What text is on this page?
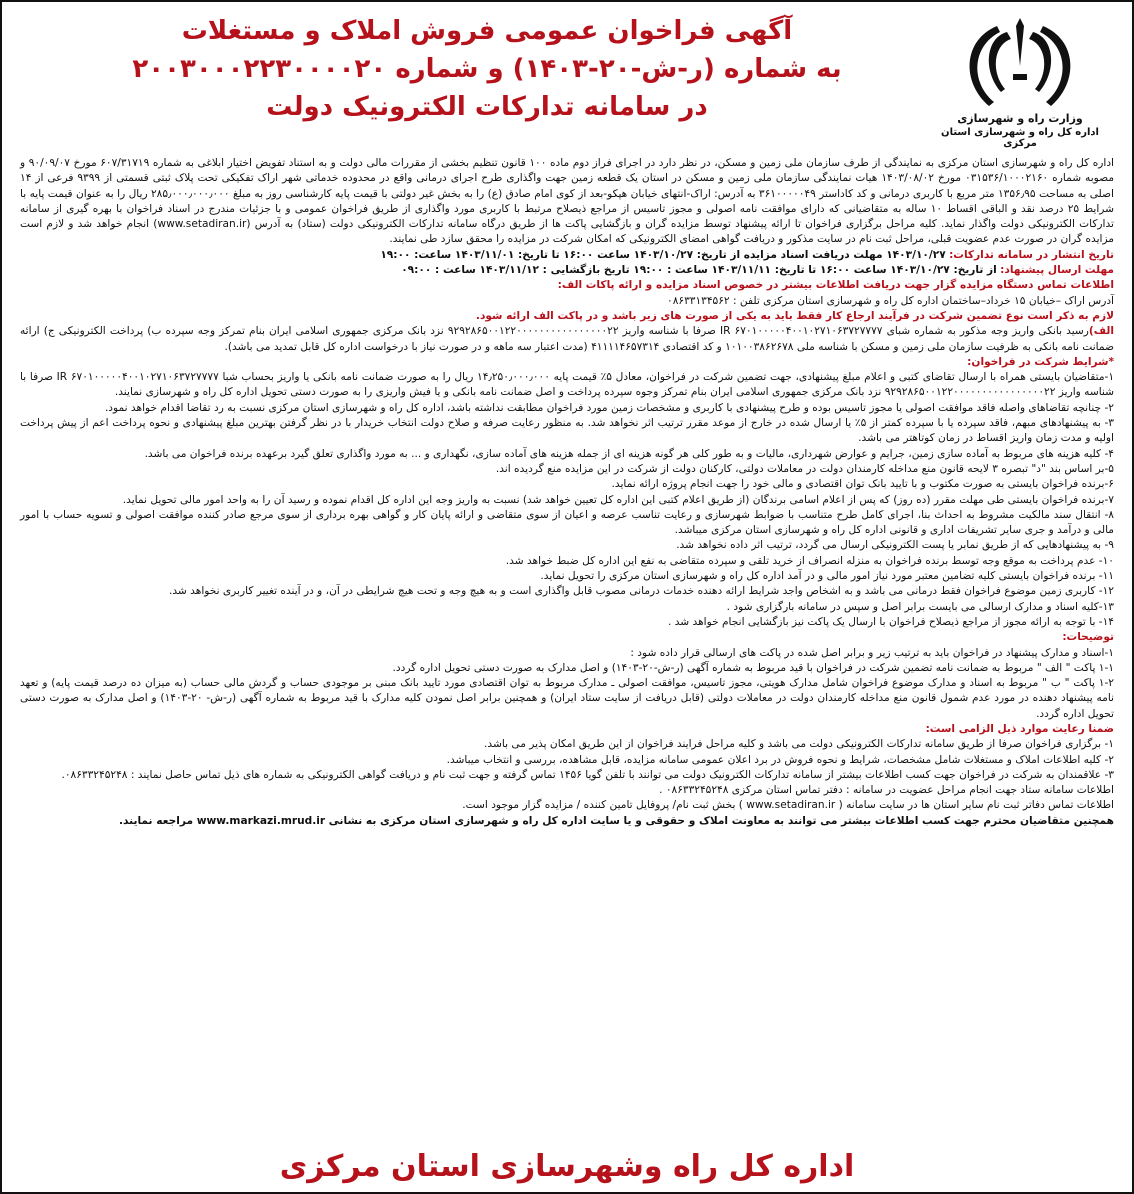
وزارت راه و شهرسازی
اداره کل راه و شهرسازی استان مرکزی
آگهی فراخوان عمومی فروش املاک و مستغلات
به شماره (ر-ش-۲۰-۱۴۰۳) و شماره ۲۰۰۳۰۰۰۲۲۳۰۰۰۰۲۰
در سامانه تدارکات الکترونیک دولت

اداره کل راه و شهرسازی استان مرکزی به نمایندگی از طرف سازمان ملی زمین و مسکن، در نظر دارد در اجرای فراز دوم ماده ۱۰۰ قانون تنظیم بخشی از مقررات مالی دولت و به استناد تفویض اختیار ابلاغی به شماره ۶۰۷/۳۱۷۱۹ مورخ ۹۰/۰۹/۰۷ و مصوبه شماره ۰۳۱۵۳۶/۱۰۰۰۲۱۶۰ مورخ ۱۴۰۳/۰۸/۰۲ هیات نمایندگی سازمان ملی زمین و مسکن در استان یک قطعه زمین جهت واگذاری طرح اجرای درمانی واقع در محدوده خدماتی شهر اراک تفکیکی تحت پلاک ثبتی قسمتی از ۹۳۹۹ فرعی از ۱۴ اصلی به مساحت ۱۳۵۶٫۹۵ متر مربع با کاربری درمانی و کد کاداستر ۳۶۱۰۰۰۰۰۴۹ به آدرس: اراک-انتهای خیابان هپکو-بعد از کوی امام صادق (ع) را به بخش غیر دولتی با قیمت پایه کارشناسی روز به مبلغ ۲۸۵٫۰۰۰٫۰۰۰٫۰۰۰ ریال را به عنوان قیمت پایه با شرایط ۲۵ درصد نقد و الباقی اقساط ۱۰ ساله به متقاضیانی که دارای موافقت نامه اصولی و مجوز تاسیس از مراجع ذیصلاح مرتبط با کاربری مورد واگذاری از طریق فراخوان عمومی و با جزئیات مندرج در اسناد فراخوان با بهره گیری از سامانه تدارکات الکترونیکی دولت واگذار نماید. کلیه مراحل برگزاری فراخوان تا ارائه پیشنهاد توسط مزایده گران و بازگشایی پاکت ها از طریق درگاه سامانه تدارکات الکترونیکی دولت (ستاد) به آدرس (www.setadiran.ir) انجام خواهد شد و لازم است مزایده گران در صورت عدم عضویت قبلی، مراحل ثبت نام در سایت مذکور و دریافت گواهی امضای الکترونیکی که امکان شرکت در مزایده را محقق سازد طی نمایند.

تاریخ انتشار در سامانه تدارکات: ۱۴۰۳/۱۰/۲۷ مهلت دریافت اسناد مزایده از تاریخ: ۱۴۰۳/۱۰/۲۷ ساعت ۱۶:۰۰ تا تاریخ: ۱۴۰۳/۱۱/۰۱ ساعت: ۱۹:۰۰

مهلت ارسال پیشنهاد: از تاریخ: ۱۴۰۳/۱۰/۲۷ ساعت ۱۶:۰۰ تا تاریخ: ۱۴۰۳/۱۱/۱۱ ساعت : ۱۹:۰۰ تاریخ بازگشایی : ۱۴۰۳/۱۱/۱۲ ساعت : ۰۹:۰۰

اطلاعات تماس دستگاه مزایده گزار جهت دریافت اطلاعات بیشتر در خصوص اسناد مزایده و ارائه پاکات الف:

آدرس اراک –خیابان ۱۵ خرداد–ساختمان اداره کل راه و شهرسازی استان مرکزی تلفن : ۰۸۶۳۳۱۳۴۵۶۲

لازم به ذکر است نوع تضمین شرکت در فرآیند ارجاع کار فقط باید به یکی از صورت های زیر باشد و در پاکت الف ارائه شود.

الف)رسید بانکی واریز وجه مذکور به شماره شبای IR ۶۷۰۱۰۰۰۰۰۴۰۰۱۰۲۷۱۰۶۳۷۲۷۷۷۷ صرفا با شناسه واریز ۹۲۹۲۸۶۵۰۰۱۲۲۰۰۰۰۰۰۰۰۰۰۰۰۰۰۰۰۲۲ نزد بانک مرکزی جمهوری اسلامی ایران بنام تمرکز وجه سپرده ب) پرداخت الکترونیکی ج) ارائه ضمانت نامه بانکی به ظرفیت سازمان ملی زمین و مسکن با شناسه ملی ۱۰۱۰۰۳۸۶۲۶۷۸ و کد اقتصادی ۴۱۱۱۱۴۶۵۷۳۱۴ (مدت اعتبار سه ماهه و در صورت نیاز با درخواست اداره کل قابل تمدید می باشد).

*شرایط شرکت در فراخوان:

۱-متقاضیان بایستی همراه با ارسال تقاضای کتبی و اعلام مبلغ پیشنهادی، جهت تضمین شرکت در فراخوان، معادل ۵٪ قیمت پایه ۱۴٫۲۵۰٫۰۰۰٫۰۰۰ ریال را به صورت ضمانت نامه بانکی یا واریز بحساب شبا IR ۶۷۰۱۰۰۰۰۰۴۰۰۱۰۲۷۱۰۶۳۷۲۷۷۷۷ صرفا با شناسه واریز ۹۲۹۲۸۶۵۰۰۱۲۲۰۰۰۰۰۰۰۰۰۰۰۰۰۰۰۰۲۲ نزد بانک مرکزی جمهوری اسلامی ایران بنام تمرکز وجوه سپرده پرداخت و اصل ضمانت نامه بانکی و یا فیش واریزی را به صورت دستی تحویل اداره کل راه و شهرسازی نمایند.

۲- چنانچه تقاضاهای واصله فاقد موافقت اصولی یا مجوز تاسیس بوده و طرح پیشنهادی با کاربری و مشخصات زمین مورد فراخوان مطابقت نداشته باشد، اداره کل راه و شهرسازی استان مرکزی نسبت به رد تقاضا اقدام خواهد نمود.

۳- به پیشنهادهای مبهم، فاقد سپرده یا با سپرده کمتر از ۵٪ یا ارسال شده در خارج از موعد مقرر ترتیب اثر نخواهد شد. به منظور رعایت صرفه و صلاح دولت انتخاب خریدار با در نظر گرفتن بهترین مبلغ پیشنهادی و نحوه پرداخت اعم از پیش پرداخت اولیه و مدت زمان واریز اقساط در زمان کوتاهتر می باشد.

۴- کلیه هزینه های مربوط به آماده سازی زمین، جرایم و عوارض شهرداری، مالیات و به طور کلی هر گونه هزینه ای از جمله هزینه های آماده سازی، نگهداری و ... به مورد واگذاری تعلق گیرد برعهده برنده فراخوان می باشد.

۵-بر اساس بند "د" تبصره ۳ لایحه قانون منع مداخله کارمندان دولت در معاملات دولتی، کارکنان دولت از شرکت در این مزایده منع گردیده اند.

۶-برنده فراخوان بایستی به صورت مکتوب و با تایید بانک توان اقتصادی و مالی خود را جهت انجام پروژه ارائه نماید.

۷-برنده فراخوان بایستی طی مهلت مقرر (ده روز) که پس از اعلام اسامی برندگان (از طریق اعلام کتبی این اداره کل تعیین خواهد شد) نسبت به واریز وجه این اداره کل اقدام نموده و رسید آن را به واحد امور مالی تحویل نماید.

۸- انتقال سند مالکیت مشروط به احداث بنا، اجرای کامل طرح متناسب با ضوابط شهرسازی و رعایت تناسب عرصه و اعیان از سوی متقاضی و ارائه پایان کار و گواهی بهره برداری از سوی مرجع صادر کننده موافقت اصولی و تسویه حساب با امور مالی و درآمد و جری سایر تشریفات اداری و قانونی اداره کل راه و شهرسازی استان مرکزی میباشد.

۹- به پیشنهادهایی که از طریق نمابر یا پست الکترونیکی ارسال می گردد، ترتیب اثر داده نخواهد شد.

۱۰- عدم پرداخت به موقع وجه توسط برنده فراخوان به منزله انصراف از خرید تلقی و سپرده متقاضی به نفع این اداره کل ضبط خواهد شد.

۱۱- برنده فراخوان بایستی کلیه تضامین معتبر مورد نیاز امور مالی و در آمد اداره کل راه و شهرسازی استان مرکزی را تحویل نماید.

۱۲- کاربری زمین موضوع فراخوان فقط درمانی می باشد و به اشخاص واجد شرایط ارائه دهنده خدمات درمانی مصوب قابل واگذاری است و به هیچ وجه و تحت هیچ شرایطی در آن، و در آینده تغییر کاربری نخواهد شد.

۱۳-کلیه اسناد و مدارک ارسالی می بایست برابر اصل و سپس در سامانه بارگزاری شود .

۱۴- با توجه به ارائه مجوز از مراجع ذیصلاح فراخوان با ارسال یک پاکت نیز بازگشایی انجام خواهد شد .

توضیحات:

۱-اسناد و مدارک پیشنهاد در فراخوان باید به ترتیب زیر و برابر اصل شده در پاکت های ارسالی قرار داده شود :

۱-۱ پاکت " الف " مربوط به ضمانت نامه تضمین شرکت در فراخوان با قید مربوط به شماره آگهی (ر-ش-۲۰-۱۴۰۳) و اصل مدارک به صورت دستی تحویل اداره گردد.

۱-۲ پاکت " ب " مربوط به اسناد و مدارک موضوع فراخوان شامل مدارک هویتی، مجوز تاسیس، موافقت اصولی ـ مدارک مربوط به توان اقتصادی مورد تایید بانک مبنی بر موجودی حساب و گردش مالی حساب (به میزان ده درصد قیمت پایه) و تعهد نامه پیشنهاد دهنده در مورد عدم شمول قانون منع مداخله کارمندان دولت در معاملات دولتی (قابل دریافت از سایت ستاد ایران) و همچنین برابر اصل نمودن کلیه مدارک با قید مربوط به شماره آگهی (ر-ش- ۲۰-۱۴۰۳) و اصل مدارک به صورت دستی تحویل اداره گردد.

ضمنا رعایت موارد ذیل الزامی است:

۱- برگزاری فراخوان صرفا از طریق سامانه تدارکات الکترونیکی دولت می باشد و کلیه مراحل فرایند فراخوان از این طریق امکان پذیر می باشد.

۲- کلیه اطلاعات املاک و مستغلات شامل مشخصات، شرایط و نحوه فروش در برد اعلان عمومی سامانه مزایده، قابل مشاهده، بررسی و انتخاب میباشد.

۳- علاقمندان به شرکت در فراخوان جهت کسب اطلاعات بیشتر از سامانه تدارکات الکترونیک دولت می توانند با تلفن گویا ۱۴۵۶ تماس گرفته و جهت ثبت نام و دریافت گواهی الکترونیکی به شماره های ذیل تماس حاصل نمایند : ۰۸۶۳۳۲۴۵۲۴۸.

اطلاعات سامانه ستاد جهت انجام مراحل عضویت در سامانه : دفتر تماس استان مرکزی ۰۸۶۳۳۲۴۵۲۴۸ .

اطلاعات تماس دفاتر ثبت نام سایر استان ها در سایت سامانه ( www.setadiran.ir ) بخش ثبت نام/ پروفایل تامین کننده / مزایده گزار موجود است.

همچنین متقاضیان محترم جهت کسب اطلاعات بیشتر می توانند به معاونت املاک و حقوقی و یا سایت اداره کل راه و شهرسازی استان مرکزی به نشانی www.markazi.mrud.ir مراجعه نمایند.

اداره کل راه وشهرسازی استان مرکزی
